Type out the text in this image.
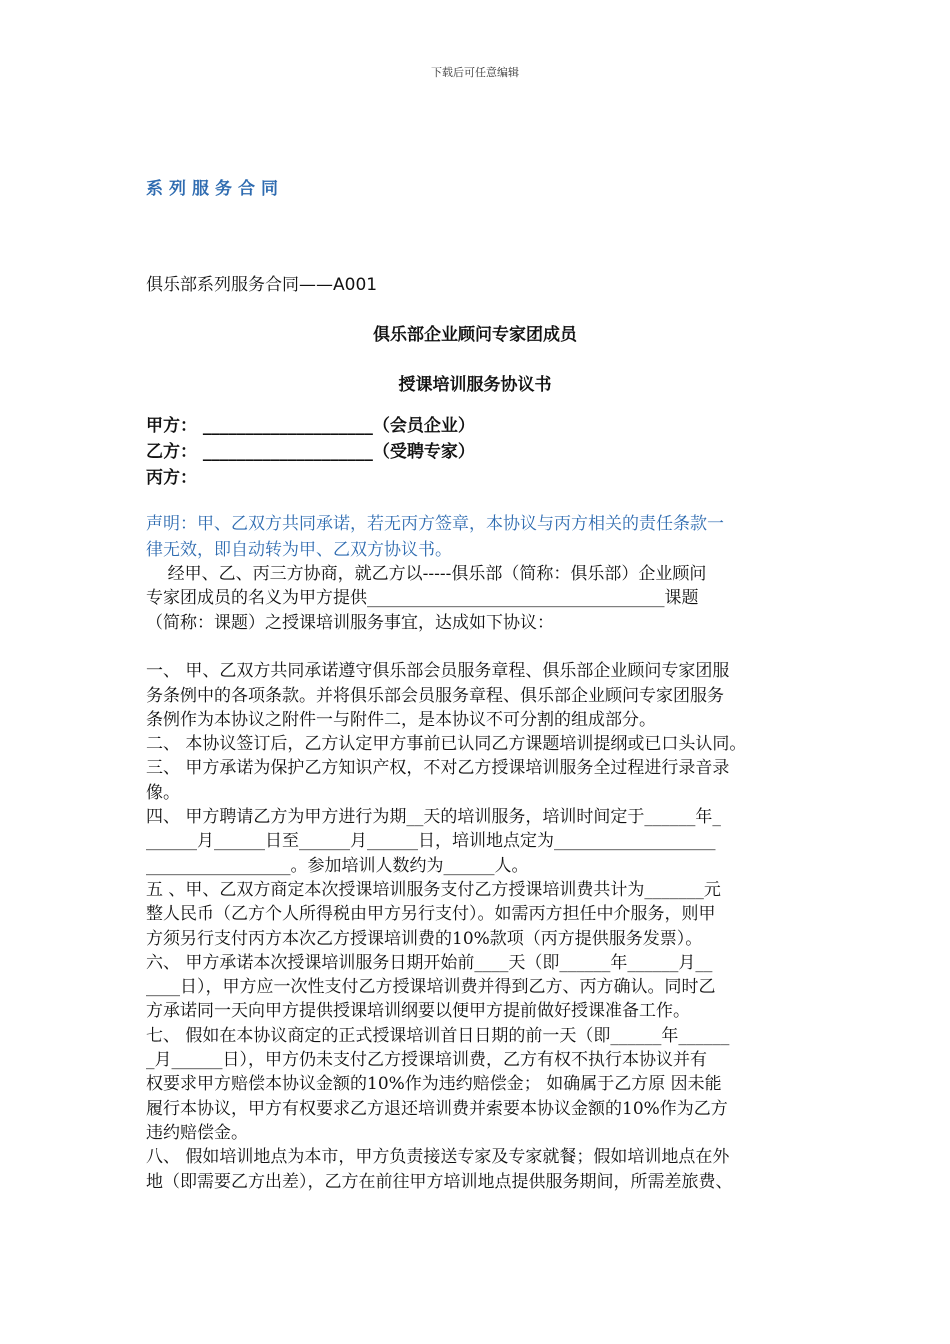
下载后可任意编辑
系列服务合同
俱乐部系列服务合同——A001
俱乐部企业顾问专家团成员
授课培训服务协议书
甲方： ____________________（会员企业）
乙方： ____________________（受聘专家）
丙方：
声明：甲、乙双方共同承诺，若无丙方签章，本协议与丙方相关的责任条款一
律无效，即自动转为甲、乙双方协议书。
经甲、乙、丙三方协商，就乙方以-----俱乐部（简称：俱乐部）企业顾问
专家团成员的名义为甲方提供___________________________________课题
（简称：课题）之授课培训服务事宜，达成如下协议：
一、 甲、乙双方共同承诺遵守俱乐部会员服务章程、俱乐部企业顾问专家团服
务条例中的各项条款。并将俱乐部会员服务章程、俱乐部企业顾问专家团服务
条例作为本协议之附件一与附件二，是本协议不可分割的组成部分。
二、 本协议签订后，乙方认定甲方事前已认同乙方课题培训提纲或已口头认同。
三、 甲方承诺为保护乙方知识产权，不对乙方授课培训服务全过程进行录音录
像。
四、 甲方聘请乙方为甲方进行为期__天的培训服务，培训时间定于______年_
______月______日至______月______日，培训地点定为___________________
_________________。参加培训人数约为______人。
五 、甲、乙双方商定本次授课培训服务支付乙方授课培训费共计为_______元
整人民币（乙方个人所得税由甲方另行支付）。如需丙方担任中介服务，则甲
方须另行支付丙方本次乙方授课培训费的10%款项（丙方提供服务发票）。
六、 甲方承诺本次授课培训服务日期开始前____天（即______年______月__
____日），甲方应一次性支付乙方授课培训费并得到乙方、丙方确认。同时乙
方承诺同一天向甲方提供授课培训纲要以便甲方提前做好授课准备工作。
七、 假如在本协议商定的正式授课培训首日日期的前一天（即______年______
_月______日），甲方仍未支付乙方授课培训费，乙方有权不执行本协议并有
权要求甲方赔偿本协议金额的10%作为违约赔偿金； 如确属于乙方原 因未能
履行本协议，甲方有权要求乙方退还培训费并索要本协议金额的10%作为乙方
违约赔偿金。
八、 假如培训地点为本市，甲方负责接送专家及专家就餐；假如培训地点在外
地（即需要乙方出差），乙方在前往甲方培训地点提供服务期间，所需差旅费、
